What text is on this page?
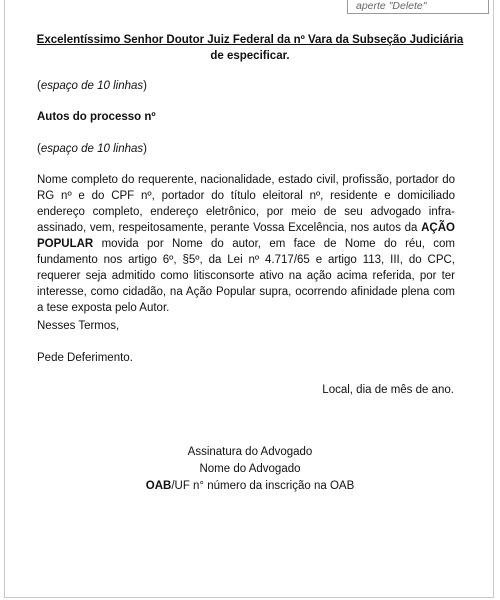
aperte "Delete"
Excelentíssimo Senhor Doutor Juiz Federal da nº Vara da Subseção Judiciária
de especificar.
(espaço de 10 linhas)
Autos do processo nº
(espaço de 10 linhas)
Nome completo do requerente, nacionalidade, estado civil, profissão, portador do RG nº e do CPF nº, portador do título eleitoral nº, residente e domiciliado endereço completo, endereço eletrônico, por meio de seu advogado infra-assinado, vem, respeitosamente, perante Vossa Excelência, nos autos da AÇÃO POPULAR movida por Nome do autor, em face de Nome do réu, com fundamento nos artigo 6º, §5º, da Lei nº 4.717/65 e artigo 113, III, do CPC, requerer seja admitido como litisconsorte ativo na ação acima referida, por ter interesse, como cidadão, na Ação Popular supra, ocorrendo afinidade plena com a tese exposta pelo Autor.
Nesses Termos,
Pede Deferimento.
Local, dia de mês de ano.
Assinatura do Advogado
Nome do Advogado
OAB/UF n° número da inscrição na OAB
